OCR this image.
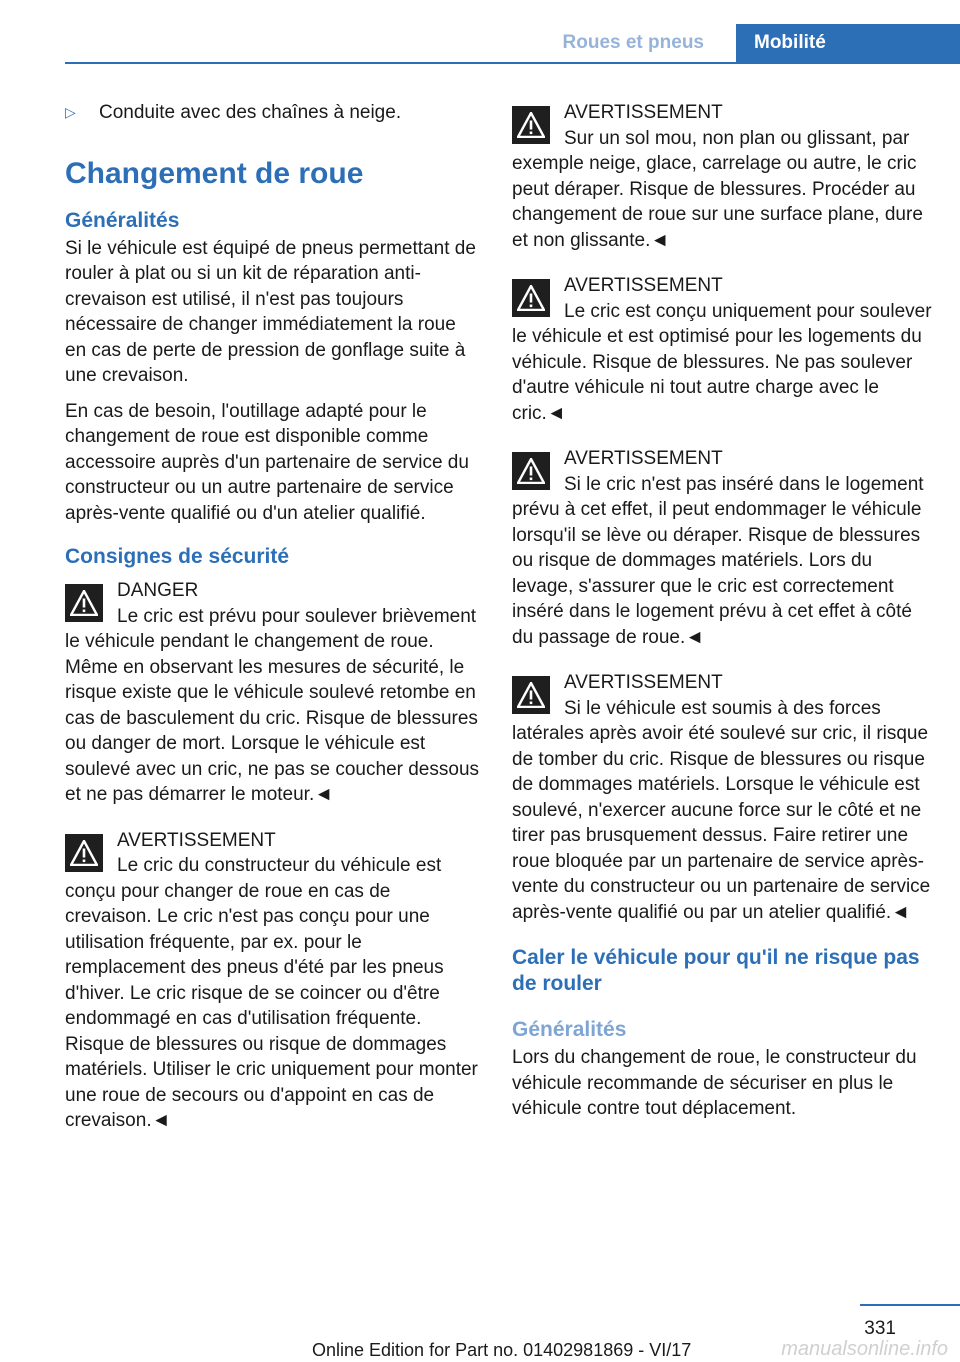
Roues et pneus	Mobilité
▷	Conduite avec des chaînes à neige.
Changement de roue
Généralités

Si le véhicule est équipé de pneus permettant de rouler à plat ou si un kit de réparation anti-crevaison est utilisé, il n'est pas toujours nécessaire de changer immédiatement la roue en cas de perte de pression de gonflage suite à une crevaison.

En cas de besoin, l'outillage adapté pour le changement de roue est disponible comme accessoire auprès d'un partenaire de service du constructeur ou un autre partenaire de service après-vente qualifié ou d'un atelier qualifié.

Consignes de sécurité
DANGER
Le cric est prévu pour soulever brièvement le véhicule pendant le changement de roue. Même en observant les mesures de sécurité, le risque existe que le véhicule soulevé retombe en cas de basculement du cric. Risque de blessures ou danger de mort. Lorsque le véhicule est soulevé avec un cric, ne pas se coucher dessous et ne pas démarrer le moteur.◄
AVERTISSEMENT
Le cric du constructeur du véhicule est conçu pour changer de roue en cas de crevaison. Le cric n'est pas conçu pour une utilisation fréquente, par ex. pour le remplacement des pneus d'été par les pneus d'hiver. Le cric risque de se coincer ou d'être endommagé en cas d'utilisation fréquente. Risque de blessures ou risque de dommages matériels. Utiliser le cric uniquement pour monter une roue de secours ou d'appoint en cas de crevaison.◄
AVERTISSEMENT
Sur un sol mou, non plan ou glissant, par exemple neige, glace, carrelage ou autre, le cric peut déraper. Risque de blessures. Procéder au changement de roue sur une surface plane, dure et non glissante.◄
AVERTISSEMENT
Le cric est conçu uniquement pour soulever le véhicule et est optimisé pour les logements du véhicule. Risque de blessures. Ne pas soulever d'autre véhicule ni tout autre charge avec le cric.◄
AVERTISSEMENT
Si le cric n'est pas inséré dans le logement prévu à cet effet, il peut endommager le véhicule lorsqu'il se lève ou déraper. Risque de blessures ou risque de dommages matériels. Lors du levage, s'assurer que le cric est correctement inséré dans le logement prévu à cet effet à côté du passage de roue.◄
AVERTISSEMENT
Si le véhicule est soumis à des forces latérales après avoir été soulevé sur cric, il risque de tomber du cric. Risque de blessures ou risque de dommages matériels. Lorsque le véhicule est soulevé, n'exercer aucune force sur le côté et ne tirer pas brusquement dessus. Faire retirer une roue bloquée par un partenaire de service après-vente du constructeur ou un partenaire de service après-vente qualifié ou par un atelier qualifié.◄
Caler le véhicule pour qu'il ne risque pas de rouler
Généralités

Lors du changement de roue, le constructeur du véhicule recommande de sécuriser en plus le véhicule contre tout déplacement.

331
Online Edition for Part no. 01402981869 - VI/17	manualsonline.info
